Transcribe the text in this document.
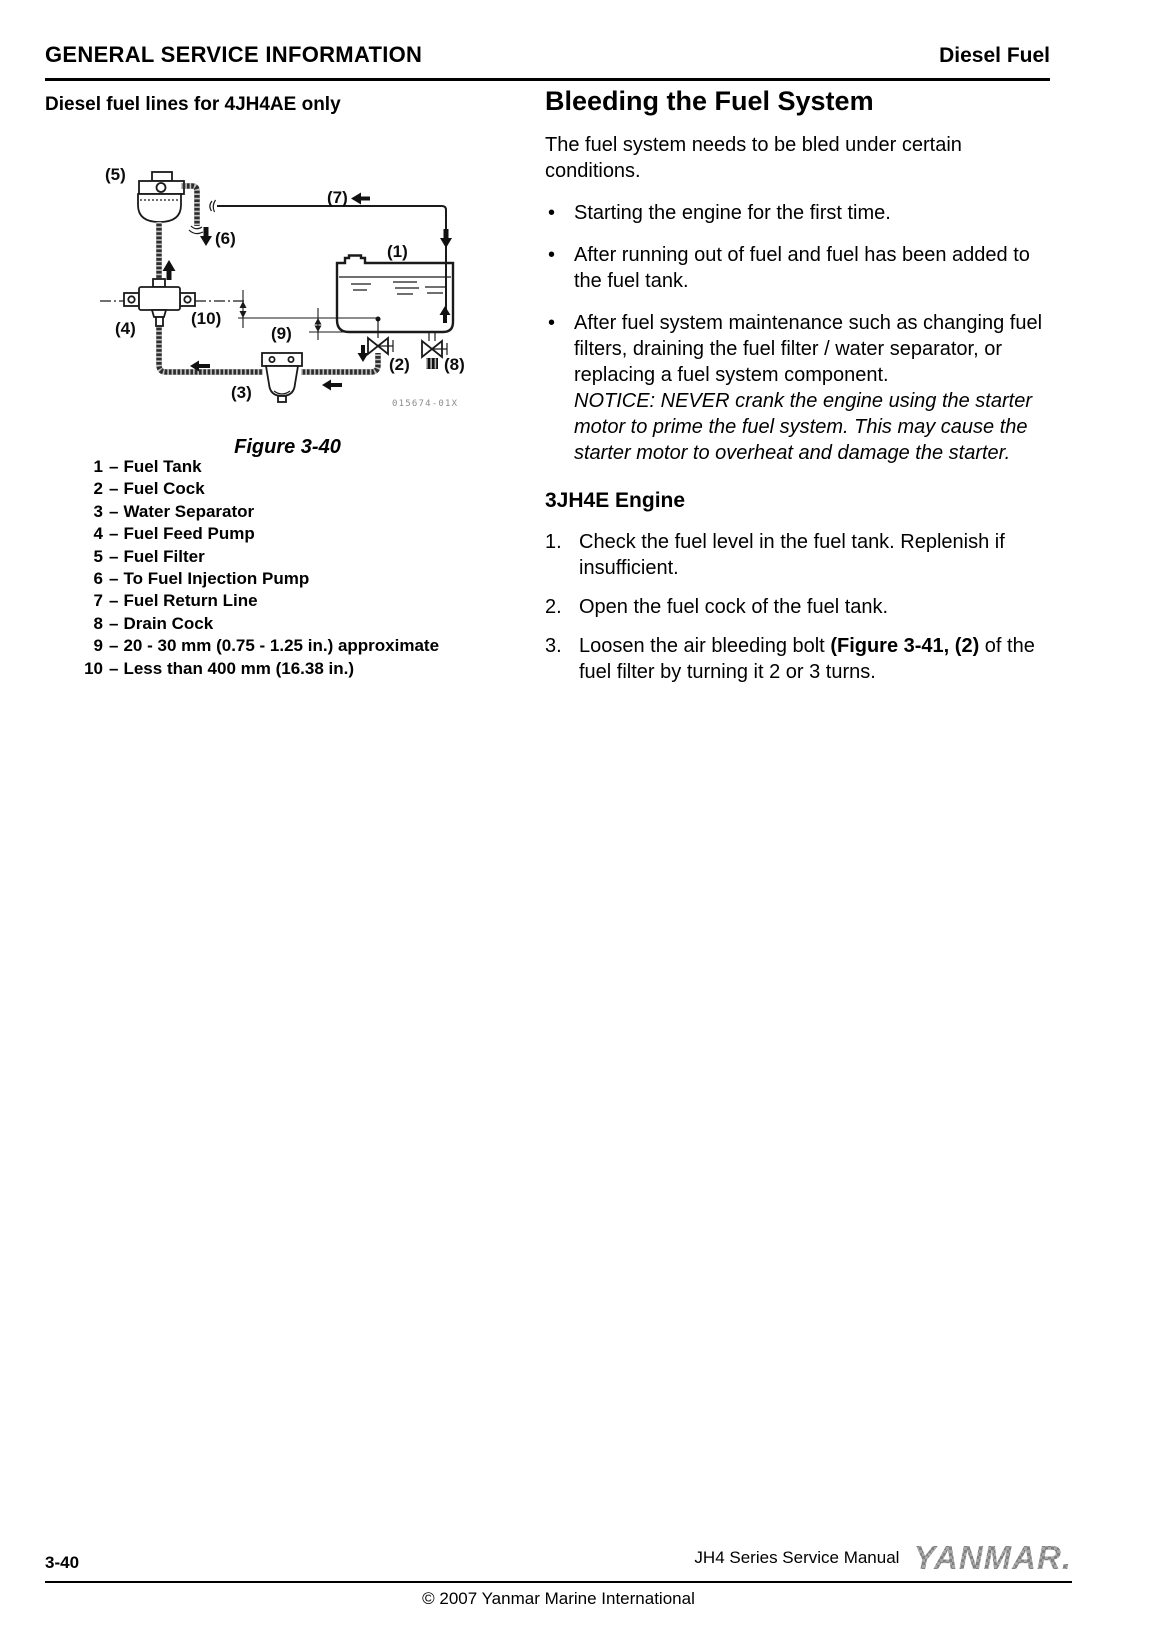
GENERAL SERVICE INFORMATION	Diesel Fuel
Diesel fuel lines for 4JH4AE only
(5)
(7)
(6)
(1)
(10)
(9)
(4)
(3)
(2) (8)
015674-01X
Figure 3-40
1 – Fuel Tank
2 – Fuel Cock
3 – Water Separator
4 – Fuel Feed Pump
5 – Fuel Filter
6 – To Fuel Injection Pump
7 – Fuel Return Line
8 – Drain Cock
9 – 20 - 30 mm (0.75 - 1.25 in.) approximate
10 – Less than 400 mm (16.38 in.)
Bleeding the Fuel System

The fuel system needs to be bled under certain conditions.

• Starting the engine for the first time.
• After running out of fuel and fuel has been added to the fuel tank.
• After fuel system maintenance such as changing fuel filters, draining the fuel filter / water separator, or replacing a fuel system component.
NOTICE: NEVER crank the engine using the starter motor to prime the fuel system. This may cause the starter motor to overheat and damage the starter.
3JH4E Engine
1. Check the fuel level in the fuel tank. Replenish if insufficient.
2. Open the fuel cock of the fuel tank.
3. Loosen the air bleeding bolt (Figure 3-41, (2) of the fuel filter by turning it 2 or 3 turns.
3-40	JH4 Series Service Manual YANMAR.
© 2007 Yanmar Marine International
